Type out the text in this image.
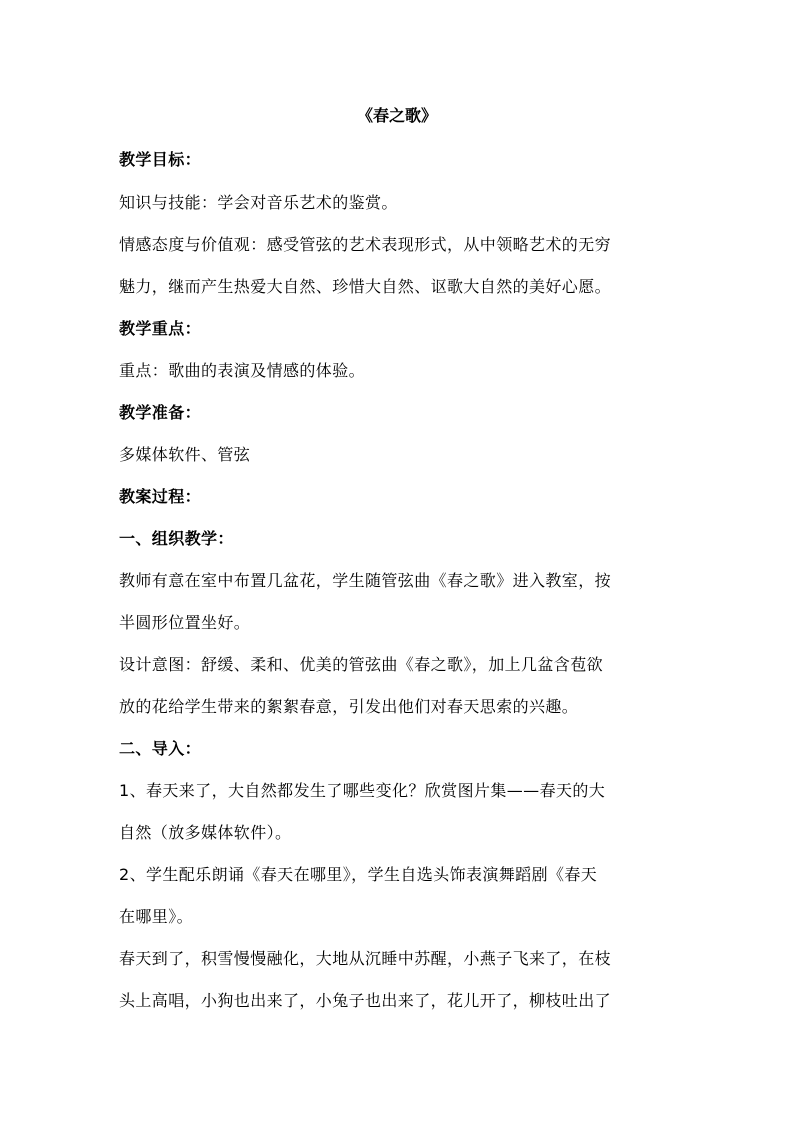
《春之歌》
教学目标：
知识与技能：学会对音乐艺术的鉴赏。
情感态度与价值观：感受管弦的艺术表现形式，从中领略艺术的无穷
魅力，继而产生热爱大自然、珍惜大自然、讴歌大自然的美好心愿。
教学重点：
重点：歌曲的表演及情感的体验。
教学准备：
多媒体软件、管弦
教案过程：
一、组织教学：
教师有意在室中布置几盆花，学生随管弦曲《春之歌》进入教室，按
半圆形位置坐好。
设计意图：舒缓、柔和、优美的管弦曲《春之歌》，加上几盆含苞欲
放的花给学生带来的絮絮春意，引发出他们对春天思索的兴趣。
二、导入：
1、春天来了，大自然都发生了哪些变化？欣赏图片集——春天的大
自然（放多媒体软件）。
2、学生配乐朗诵《春天在哪里》，学生自选头饰表演舞蹈剧《春天
在哪里》。
春天到了，积雪慢慢融化，大地从沉睡中苏醒，小燕子飞来了，在枝
头上高唱，小狗也出来了，小兔子也出来了，花儿开了，柳枝吐出了
